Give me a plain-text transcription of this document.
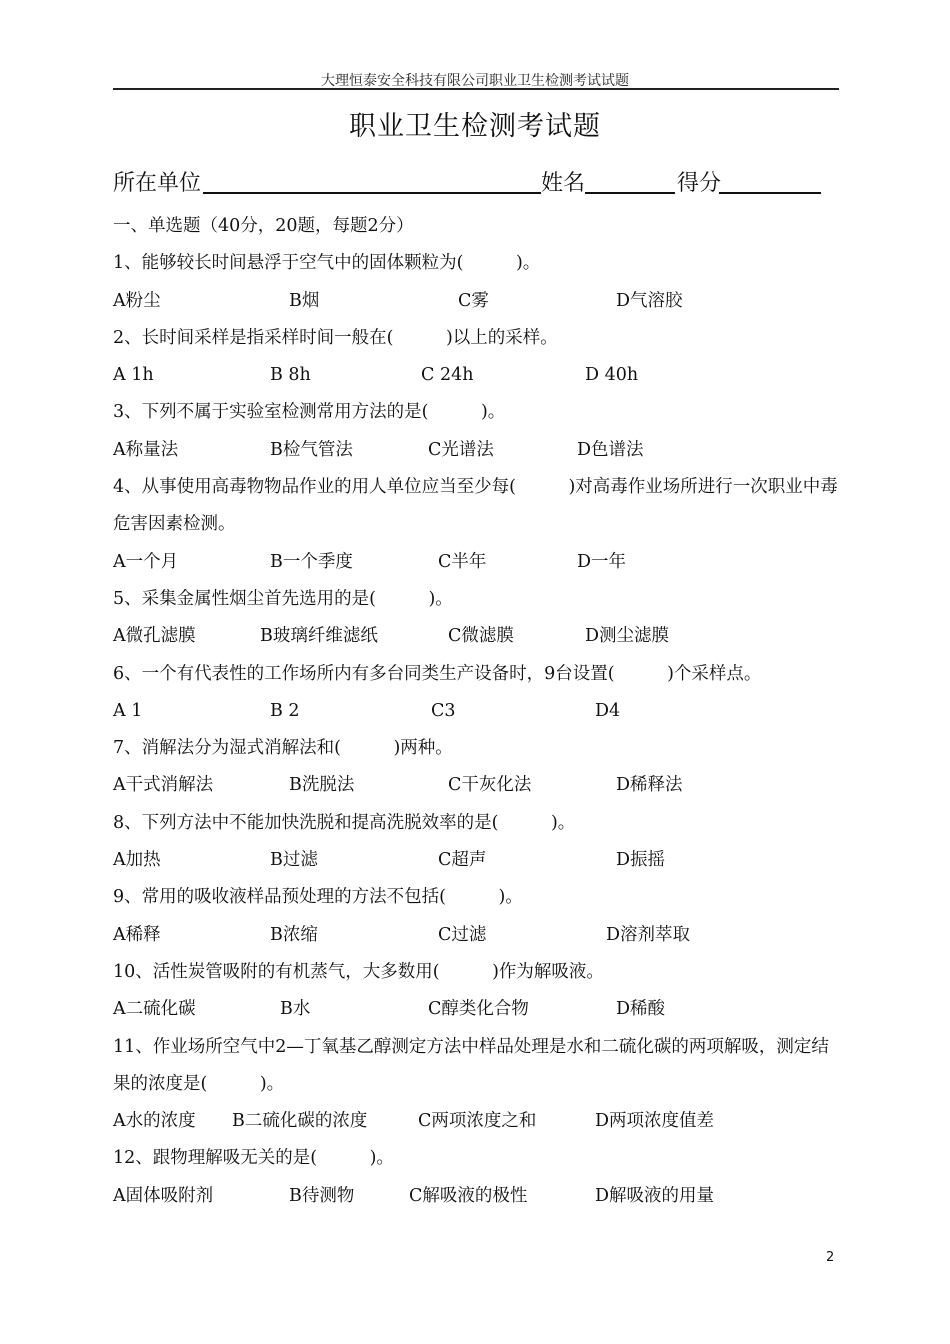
大理恒泰安全科技有限公司职业卫生检测考试试题
职业卫生检测考试题
所在单位	姓名	得分
一、单选题（40分，20题，每题2分）
1、能够较长时间悬浮于空气中的固体颗粒为(　　　)。
A粉尘	B烟	C雾	D气溶胶
2、长时间采样是指采样时间一般在(　　　)以上的采样。
A 1h	B 8h	C 24h	D 40h
3、下列不属于实验室检测常用方法的是(　　　)。
A称量法	B检气管法	C光谱法	D色谱法
4、从事使用高毒物物品作业的用人单位应当至少每(　　　)对高毒作业场所进行一次职业中毒危害因素检测。
A一个月	B一个季度	C半年	D一年
5、采集金属性烟尘首先选用的是(　　　)。
A微孔滤膜	B玻璃纤维滤纸	C微滤膜	D测尘滤膜
6、一个有代表性的工作场所内有多台同类生产设备时，9台设置(　　　)个采样点。
A 1	B 2	C3	D4
7、消解法分为湿式消解法和(　　　)两种。
A干式消解法	B洗脱法	C干灰化法	D稀释法
8、下列方法中不能加快洗脱和提高洗脱效率的是(　　　)。
A加热	B过滤	C超声	D振摇
9、常用的吸收液样品预处理的方法不包括(　　　)。
A稀释	B浓缩	C过滤	D溶剂萃取
10、活性炭管吸附的有机蒸气，大多数用(　　　)作为解吸液。
A二硫化碳	B水	C醇类化合物	D稀酸
11、作业场所空气中2—丁氧基乙醇测定方法中样品处理是水和二硫化碳的两项解吸，测定结果的浓度是(　　　)。
A水的浓度 B二硫化碳的浓度	C两项浓度之和	D两项浓度值差
12、跟物理解吸无关的是(　　　)。
A固体吸附剂	B待测物	C解吸液的极性	D解吸液的用量
2
